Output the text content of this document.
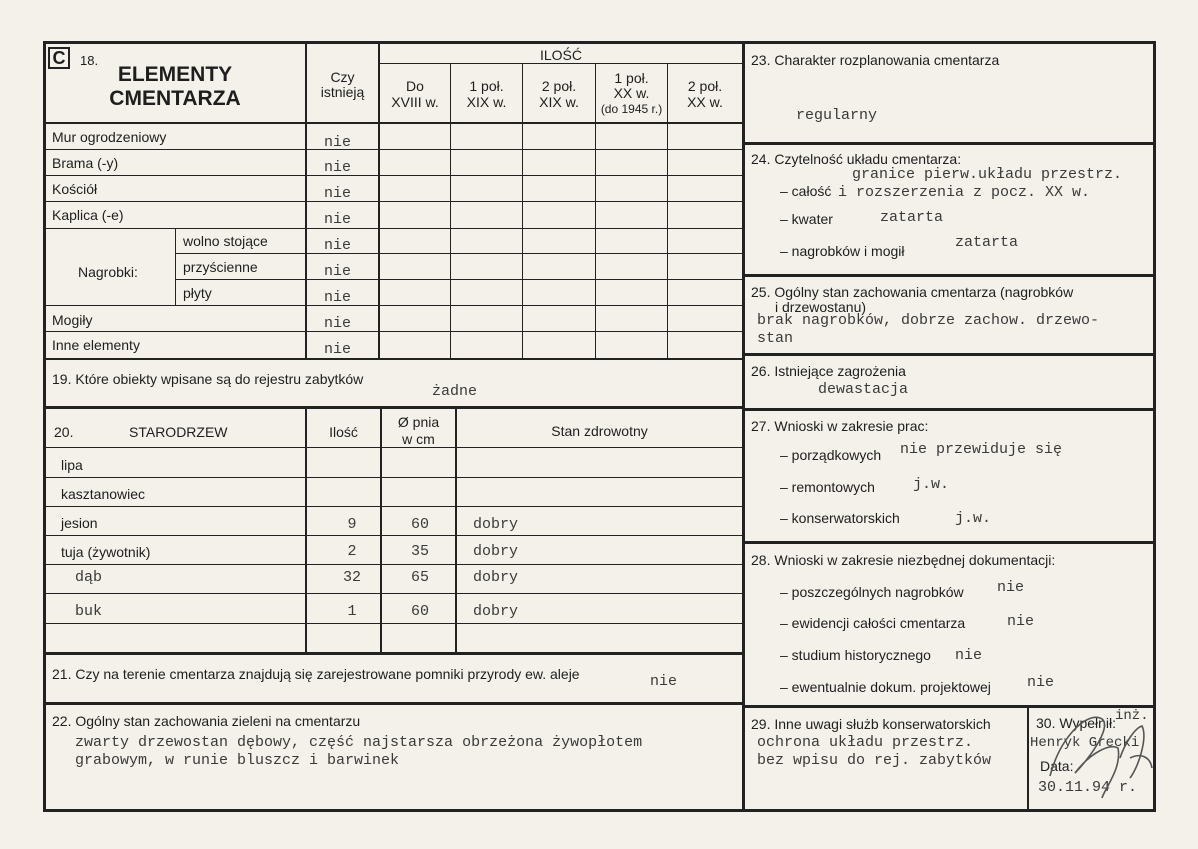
C	18.
ELEMENTY
CMENTARZA
Czy
istnieją
ILOŚĆ
Do
XVIII w.
1 poł.
XIX w.
2 poł.
XIX w.
1 poł.
XX w.
(do 1945 r.)
2 poł.
XX w.
Mur ogrodzeniowy	nie
Brama (-y)	nie
Kościół	nie
Kaplica (-e)	nie
Nagrobki:
wolno stojące	nie
przyścienne	nie
płyty	nie
Mogiły	nie
Inne elementy	nie
19. Które obiekty wpisane są do rejestru zabytków
żadne
20.	STARODRZEW	Ilość
Ø pnia
w cm	Stan zdrowotny
lipa
kasztanowiec
jesion	9	60	dobry
tuja (żywotnik)	2	35	dobry
dąb	32	65	dobry
buk	1	60	dobry
21. Czy na terenie cmentarza znajdują się zarejestrowane pomniki przyrody ew. aleje	nie
22. Ogólny stan zachowania zieleni na cmentarzu
zwarty drzewostan dębowy, część najstarsza obrzeżona żywopłotem
grabowym, w runie bluszcz i barwinek
23. Charakter rozplanowania cmentarza
regularny
24. Czytelność układu cmentarza:
granice pierw.układu przestrz.
– całość i rozszerzenia z pocz. XX w.
– kwater	zatarta
– nagrobków i mogił	zatarta
25. Ogólny stan zachowania cmentarza (nagrobków
i drzewostanu)
brak nagrobków, dobrze zachow. drzewo-
stan
26. Istniejące zagrożenia
dewastacja
27. Wnioski w zakresie prac:
– porządkowych nie przewiduje się
– remontowych	j.w.
– konserwatorskich	j.w.
28. Wnioski w zakresie niezbędnej dokumentacji:
– poszczególnych nagrobków nie
– ewidencji całości cmentarza	nie
– studium historycznego nie
– ewentualnie dokum. projektowej nie
29. Inne uwagi służb konserwatorskich
ochrona układu przestrz.
bez wpisu do rej. zabytków
30. Wypełnił:
inż.
Henryk Grecki
Data:
30.11.94 r.
